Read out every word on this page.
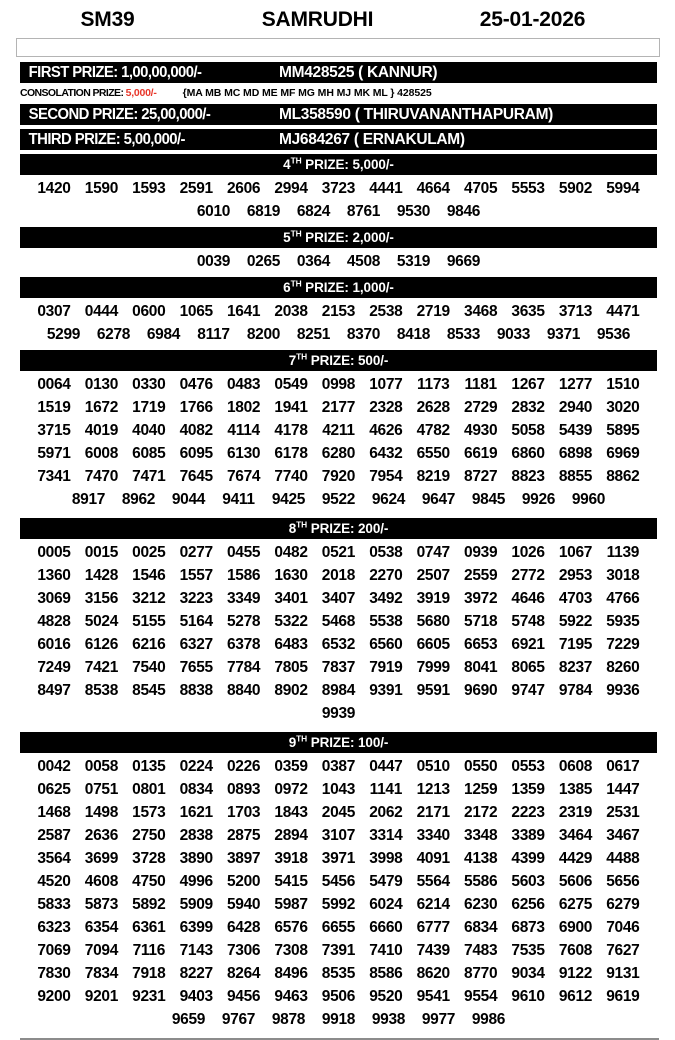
SM39	SAMRUDHI	25-01-2026
FIRST PRIZE: 1,00,00,000/-	MM428525 ( KANNUR)
CONSOLATION PRIZE: 5,000/-	{MA MB MC MD ME MF MG MH MJ MK ML } 428525
SECOND PRIZE: 25,00,000/-	ML358590 ( THIRUVANANTHAPURAM)
THIRD PRIZE: 5,00,000/-	MJ684267 ( ERNAKULAM)
4TH PRIZE: 5,000/-
1420 1590 1593 2591 2606 2994 3723 4441 4664 4705 5553 5902 5994
6010	6819	6824	8761	9530	9846
5TH PRIZE: 2,000/-
0039	0265	0364	4508	5319	9669
6TH PRIZE: 1,000/-
0307 0444 0600 1065 1641 2038 2153 2538 2719 3468 3635 3713 4471
5299	6278	6984	8117	8200	8251	8370	8418	8533	9033	9371	9536
7TH PRIZE: 500/-
0064 0130 0330 0476 0483 0549 0998 1077 1173 1181 1267 1277 1510
1519 1672 1719 1766 1802 1941 2177 2328 2628 2729 2832 2940 3020
3715 4019 4040 4082 4114 4178 4211 4626 4782 4930 5058 5439 5895
5971 6008 6085 6095 6130 6178 6280 6432 6550 6619 6860 6898 6969
7341 7470 7471 7645 7674 7740 7920 7954 8219 8727 8823 8855 8862
8917	8962	9044	9411	9425	9522	9624	9647	9845	9926	9960
8TH PRIZE: 200/-
0005 0015 0025 0277 0455 0482 0521 0538 0747 0939 1026 1067 1139
1360 1428 1546 1557 1586 1630 2018 2270 2507 2559 2772 2953 3018
3069 3156 3212 3223 3349 3401 3407 3492 3919 3972 4646 4703 4766
4828 5024 5155 5164 5278 5322 5468 5538 5680 5718 5748 5922 5935
6016 6126 6216 6327 6378 6483 6532 6560 6605 6653 6921 7195 7229
7249 7421 7540 7655 7784 7805 7837 7919 7999 8041 8065 8237 8260
8497 8538 8545 8838 8840 8902 8984 9391 9591 9690 9747 9784 9936
9939
9TH PRIZE: 100/-
0042 0058 0135 0224 0226 0359 0387 0447 0510 0550 0553 0608 0617
0625 0751 0801 0834 0893 0972 1043 1141 1213 1259 1359 1385 1447
1468 1498 1573 1621 1703 1843 2045 2062 2171 2172 2223 2319 2531
2587 2636 2750 2838 2875 2894 3107 3314 3340 3348 3389 3464 3467
3564 3699 3728 3890 3897 3918 3971 3998 4091 4138 4399 4429 4488
4520 4608 4750 4996 5200 5415 5456 5479 5564 5586 5603 5606 5656
5833 5873 5892 5909 5940 5987 5992 6024 6214 6230 6256 6275 6279
6323 6354 6361 6399 6428 6576 6655 6660 6777 6834 6873 6900 7046
7069 7094 7116 7143 7306 7308 7391 7410 7439 7483 7535 7608 7627
7830 7834 7918 8227 8264 8496 8535 8586 8620 8770 9034 9122 9131
9200 9201 9231 9403 9456 9463 9506 9520 9541 9554 9610 9612 9619
9659	9767	9878	9918	9938	9977	9986
